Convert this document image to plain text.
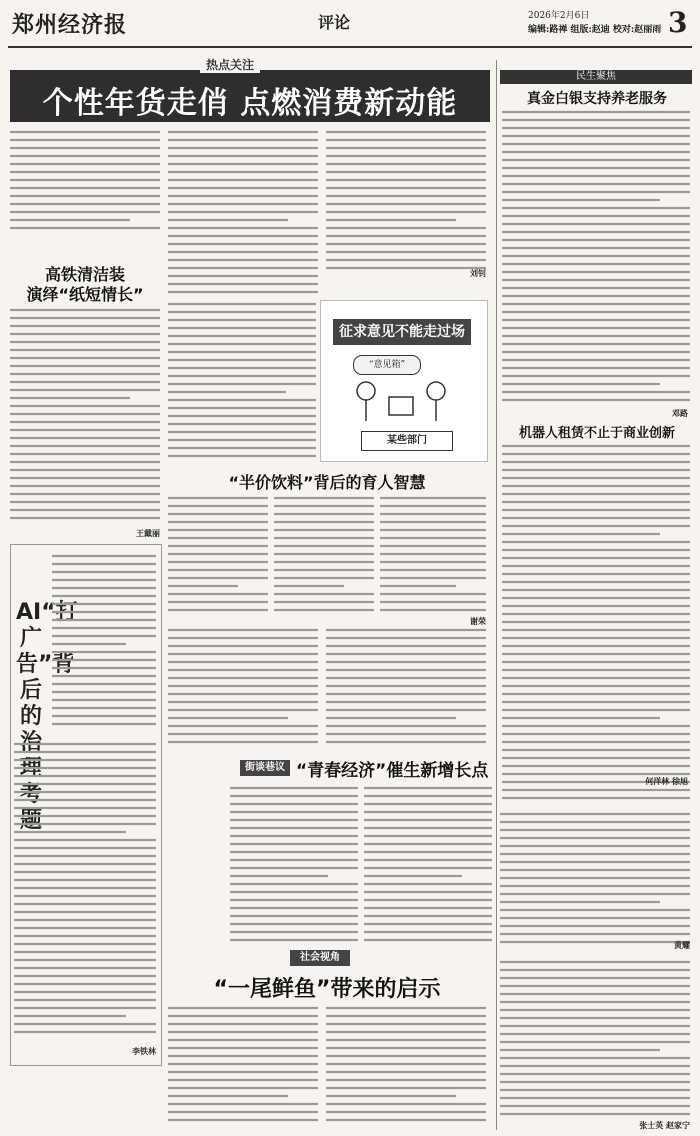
郑州经济报	评论	2026年2月6日	3
编辑:路禅 组版:赵迪 校对:赵丽雨
个性年货走俏 点燃消费新动能
热点关注
刘钊
民生聚焦
真金白银支持养老服务
邓路
机器人租赁不止于商业创新
何洋林 徐旭
高铁清洁装
演绎“纸短情长”
王戴丽
征求意见不能走过场
“意见箱”
某些部门
“半价饮料”背后的育人智慧
谢荣
AI“打广告”背后的治理考题
李铁林
街谈巷议 “青春经济”催生新增长点
黄耀
社会视角
“一尾鲜鱼”带来的启示
张士英 赵家宁
